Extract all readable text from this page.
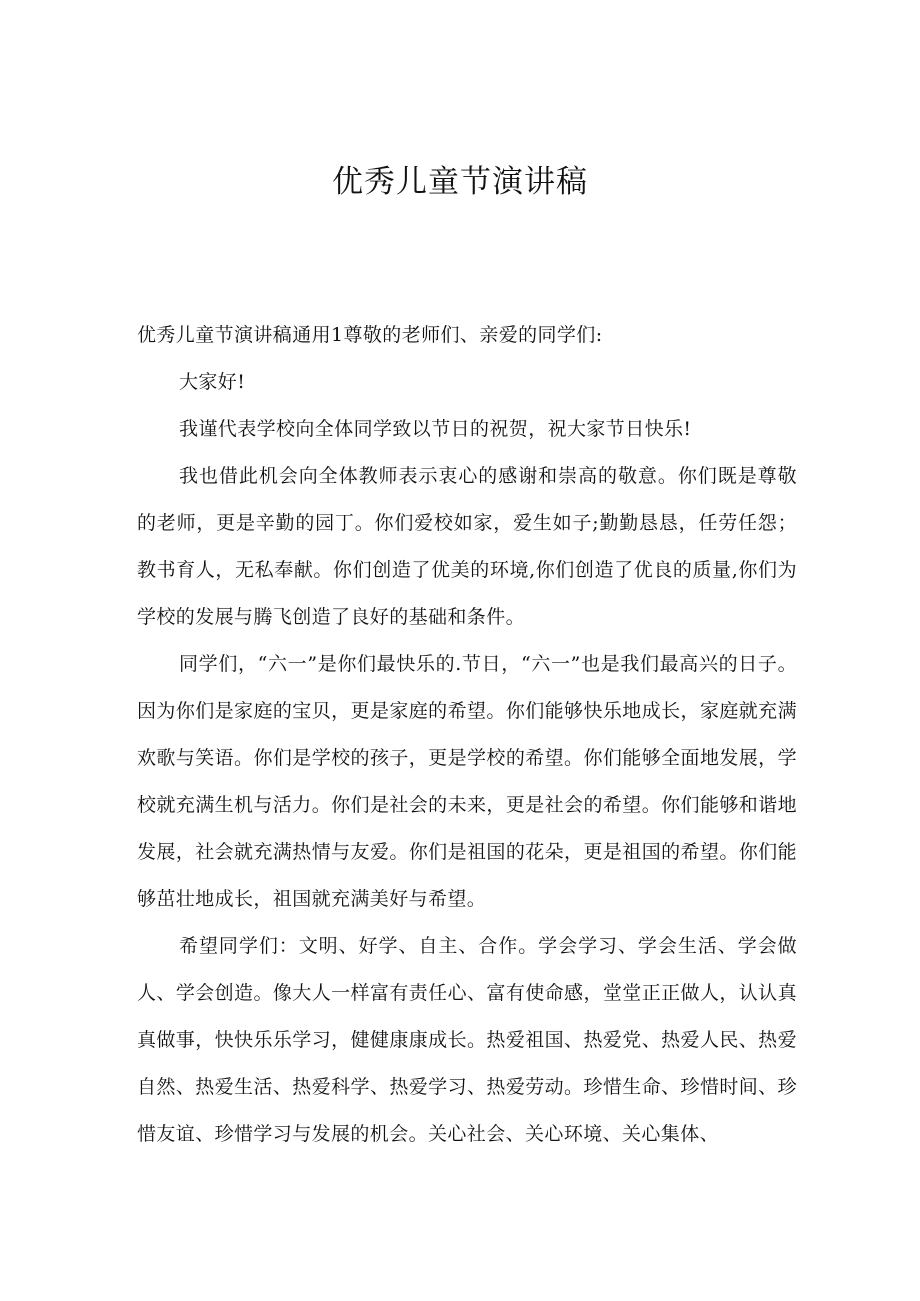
优秀儿童节演讲稿

优秀儿童节演讲稿通用1尊敬的老师们、亲爱的同学们:

大家好!

我谨代表学校向全体同学致以节日的祝贺，祝大家节日快乐!

我也借此机会向全体教师表示衷心的感谢和崇高的敬意。你们既是尊敬的老师，更是辛勤的园丁。你们爱校如家，爱生如子;勤勤恳恳，任劳任怨；教书育人，无私奉献。你们创造了优美的环境,你们创造了优良的质量,你们为学校的发展与腾飞创造了良好的基础和条件。

同学们，“六一”是你们最快乐的.节日，“六一”也是我们最高兴的日子。因为你们是家庭的宝贝，更是家庭的希望。你们能够快乐地成长，家庭就充满欢歌与笑语。你们是学校的孩子，更是学校的希望。你们能够全面地发展，学校就充满生机与活力。你们是社会的未来，更是社会的希望。你们能够和谐地发展，社会就充满热情与友爱。你们是祖国的花朵，更是祖国的希望。你们能够茁壮地成长，祖国就充满美好与希望。

希望同学们：文明、好学、自主、合作。学会学习、学会生活、学会做人、学会创造。像大人一样富有责任心、富有使命感，堂堂正正做人，认认真真做事，快快乐乐学习，健健康康成长。热爱祖国、热爱党、热爱人民、热爱自然、热爱生活、热爱科学、热爱学习、热爱劳动。珍惜生命、珍惜时间、珍惜友谊、珍惜学习与发展的机会。关心社会、关心环境、关心集体、
